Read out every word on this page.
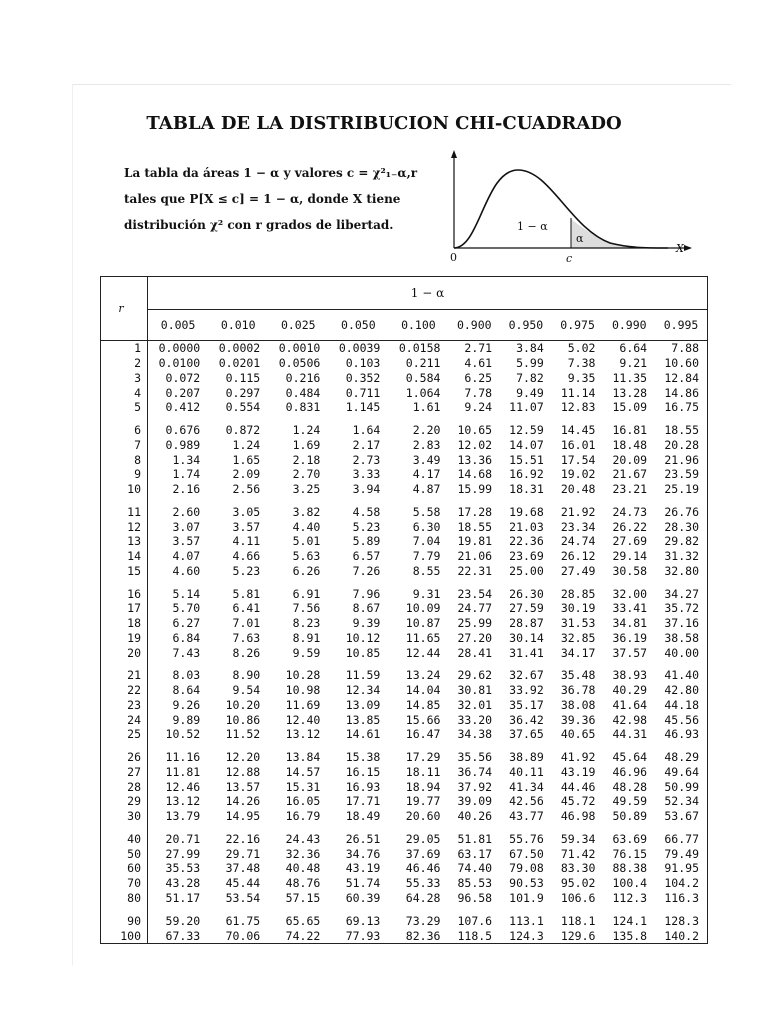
TABLA DE LA DISTRIBUCION CHI-CUADRADO
La tabla da áreas 1 − α y valores c = χ²₁₋α,r
tales que P[X ≤ c] = 1 − α, donde X tiene
distribución χ² con r grados de libertad.	1 − α
α
0	c
X
r	1 − α									
	0.005	0.010	0.025	0.050	0.100	0.900	0.950	0.975	0.990	0.995
1	0.0000	0.0002	0.0010	0.0039	0.0158	2.71	3.84	5.02	6.64	7.88
2	0.0100	0.0201	0.0506	0.103	0.211	4.61	5.99	7.38	9.21	10.60
3	0.072	0.115	0.216	0.352	0.584	6.25	7.82	9.35	11.35	12.84
4	0.207	0.297	0.484	0.711	1.064	7.78	9.49	11.14	13.28	14.86
5	0.412	0.554	0.831	1.145	1.61	9.24	11.07	12.83	15.09	16.75

6	0.676	0.872	1.24	1.64	2.20	10.65	12.59	14.45	16.81	18.55
7	0.989	1.24	1.69	2.17	2.83	12.02	14.07	16.01	18.48	20.28
8	1.34	1.65	2.18	2.73	3.49	13.36	15.51	17.54	20.09	21.96
9	1.74	2.09	2.70	3.33	4.17	14.68	16.92	19.02	21.67	23.59
10	2.16	2.56	3.25	3.94	4.87	15.99	18.31	20.48	23.21	25.19

11	2.60	3.05	3.82	4.58	5.58	17.28	19.68	21.92	24.73	26.76
12	3.07	3.57	4.40	5.23	6.30	18.55	21.03	23.34	26.22	28.30
13	3.57	4.11	5.01	5.89	7.04	19.81	22.36	24.74	27.69	29.82
14	4.07	4.66	5.63	6.57	7.79	21.06	23.69	26.12	29.14	31.32
15	4.60	5.23	6.26	7.26	8.55	22.31	25.00	27.49	30.58	32.80

16	5.14	5.81	6.91	7.96	9.31	23.54	26.30	28.85	32.00	34.27
17	5.70	6.41	7.56	8.67	10.09	24.77	27.59	30.19	33.41	35.72
18	6.27	7.01	8.23	9.39	10.87	25.99	28.87	31.53	34.81	37.16
19	6.84	7.63	8.91	10.12	11.65	27.20	30.14	32.85	36.19	38.58
20	7.43	8.26	9.59	10.85	12.44	28.41	31.41	34.17	37.57	40.00

21	8.03	8.90	10.28	11.59	13.24	29.62	32.67	35.48	38.93	41.40
22	8.64	9.54	10.98	12.34	14.04	30.81	33.92	36.78	40.29	42.80
23	9.26	10.20	11.69	13.09	14.85	32.01	35.17	38.08	41.64	44.18
24	9.89	10.86	12.40	13.85	15.66	33.20	36.42	39.36	42.98	45.56
25	10.52	11.52	13.12	14.61	16.47	34.38	37.65	40.65	44.31	46.93

26	11.16	12.20	13.84	15.38	17.29	35.56	38.89	41.92	45.64	48.29
27	11.81	12.88	14.57	16.15	18.11	36.74	40.11	43.19	46.96	49.64
28	12.46	13.57	15.31	16.93	18.94	37.92	41.34	44.46	48.28	50.99
29	13.12	14.26	16.05	17.71	19.77	39.09	42.56	45.72	49.59	52.34
30	13.79	14.95	16.79	18.49	20.60	40.26	43.77	46.98	50.89	53.67

40	20.71	22.16	24.43	26.51	29.05	51.81	55.76	59.34	63.69	66.77
50	27.99	29.71	32.36	34.76	37.69	63.17	67.50	71.42	76.15	79.49
60	35.53	37.48	40.48	43.19	46.46	74.40	79.08	83.30	88.38	91.95
70	43.28	45.44	48.76	51.74	55.33	85.53	90.53	95.02	100.4	104.2
80	51.17	53.54	57.15	60.39	64.28	96.58	101.9	106.6	112.3	116.3

90	59.20	61.75	65.65	69.13	73.29	107.6	113.1	118.1	124.1	128.3
100	67.33	70.06	74.22	77.93	82.36	118.5	124.3	129.6	135.8	140.2
